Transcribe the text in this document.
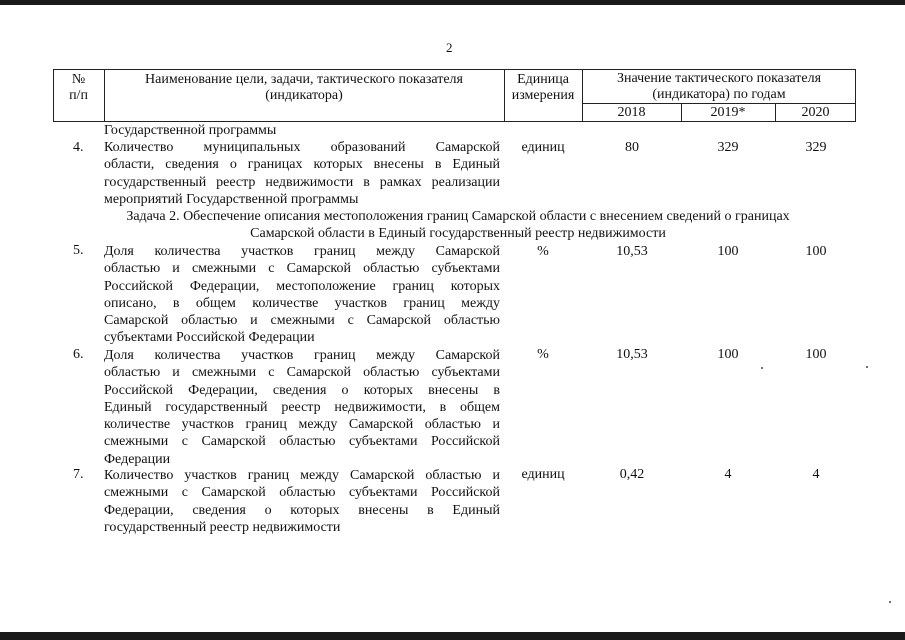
2
№
п/п
Наименование цели, задачи, тактического показателя
(индикатора)
Единица
измерения
Значение тактического показателя
(индикатора) по годам
2018	2019*	2020
Государственной программы
4. Количество муниципальных образований Самарской
области, сведения о границах которых внесены в Единый
государственный реестр недвижимости в рамках реализации
мероприятий Государственной программы
единиц	80	329	329
Задача 2. Обеспечение описания местоположения границ Самарской области с внесением сведений о границах
Самарской области в Единый государственный реестр недвижимости
5. Доля количества участков границ между Самарской
областью и смежными с Самарской областью субъектами
Российской Федерации, местоположение границ которых
описано, в общем количестве участков границ между
Самарской областью и смежными с Самарской областью
субъектами Российской Федерации
%	10,53	100	100
6. Доля количества участков границ между Самарской
областью и смежными с Самарской областью субъектами
Российской Федерации, сведения о которых внесены в
Единый государственный реестр недвижимости, в общем
количестве участков границ между Самарской областью и
смежными с Самарской областью субъектами Российской
Федерации
%	10,53	100	100
7. Количество участков границ между Самарской областью и
смежными с Самарской областью субъектами Российской
Федерации, сведения о которых внесены в Единый
государственный реестр недвижимости
единиц	0,42	4	4
